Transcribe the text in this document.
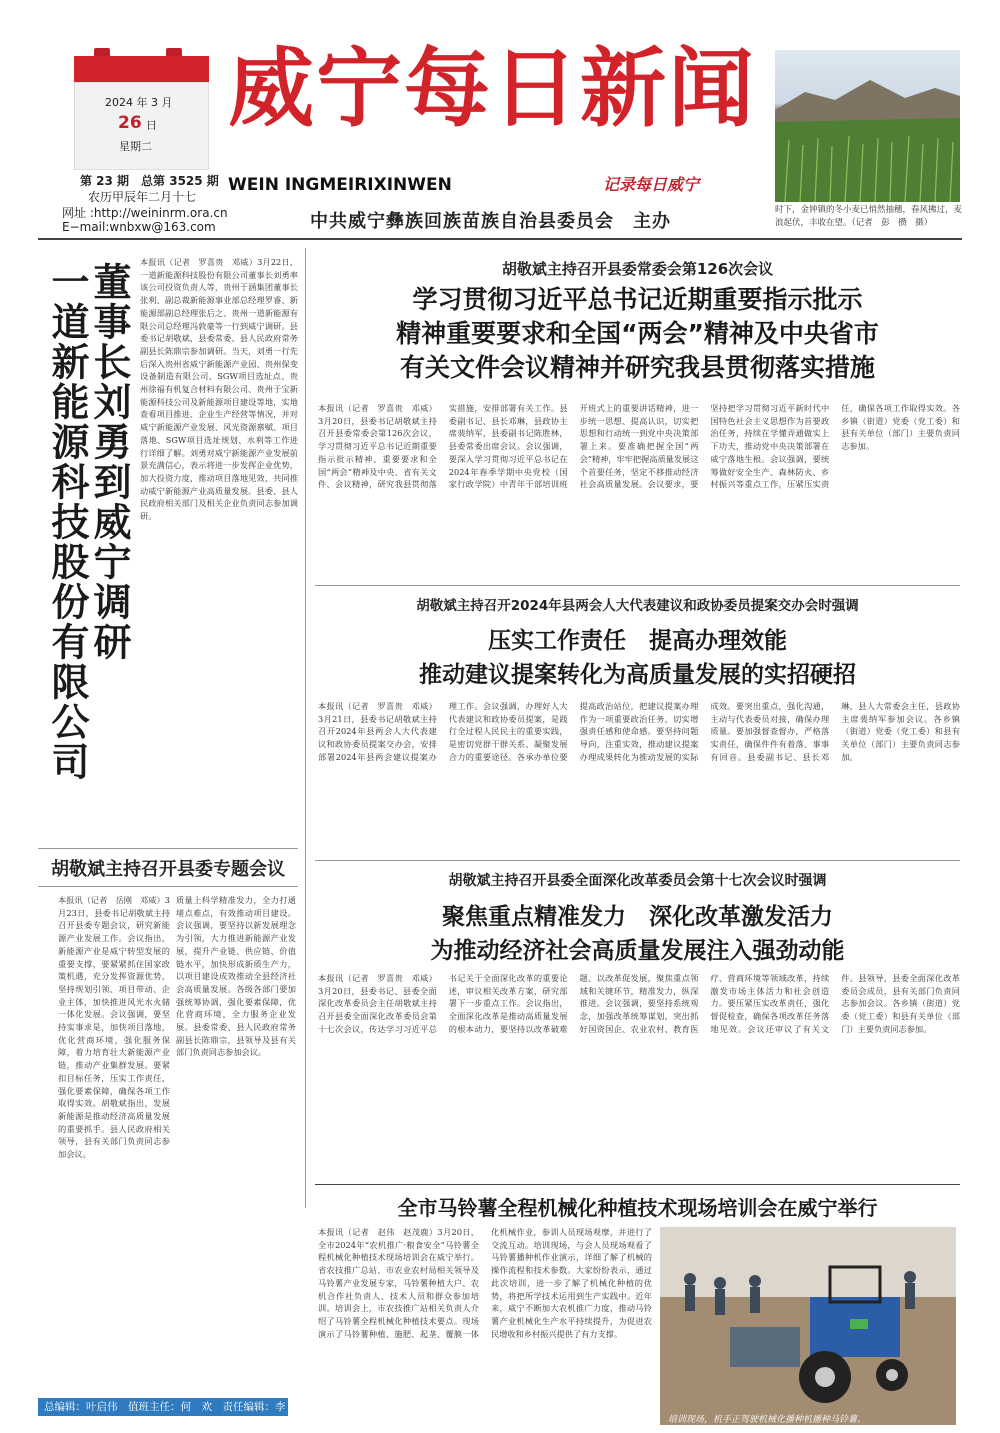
2024 年 3 月
26 日
星期二
第 23 期　总第 3525 期
农历甲辰年二月十七
网址 :http://weininrm.ora.cn
E−mail:wnbxw@163.com
威宁每日新闻
WEIN INGMEIRIXINWEN	记录每日威宁
中共威宁彝族回族苗族自治县委员会　主办
时下，金钟镇的冬小麦已悄然抽穗，春风拂过，麦浪起伏，丰收在望。（记者　彭　攒　摄）
一道新能源科技股份有限公司
董事长刘勇到威宁调研	本报讯（记者　罗喜贵　邓威）3月22日，一道新能源科技股份有限公司董事长刘勇率该公司投资负责人等，贵州于涵集团董事长张利、副总裁新能源事业部总经理罗睿、新能源部副总经理张后之、贵州一道新能源有限公司总经理冯敦豪等一行到威宁调研。县委书记胡敬斌，县委常委、县人民政府常务副县长陈鼎宗参加调研。当天，刘勇一行先后深入贵州省威宁新能源产业园、贵州保变设备制造有限公司、SGW项目选址点、贵州徐福有机复合材料有限公司、贵州于宝新能源科技公司及新能源项目建设等地，实地查看项目推进、企业生产经营等情况，并对威宁新能源产业发展、风光资源禀赋、项目落地、SGW项目选址规划、水利等工作进行详细了解。刘勇对威宁新能源产业发展前景充满信心，表示将进一步发挥企业优势，加大投资力度，推动项目落地见效，共同推动威宁新能源产业高质量发展。县委、县人民政府相关部门及相关企业负责同志参加调研。
胡敬斌主持召开县委专题会议
本报讯（记者　岳刚　邓威）3月23日，县委书记胡敬斌主持召开县委专题会议，研究新能源产业发展工作。会议指出，新能源产业是威宁转型发展的重要支撑，要紧紧抓住国家政策机遇，充分发挥资源优势，坚持规划引领、项目带动、企业主体，加快推进风光水火储一体化发展。会议强调，要坚持实事求是，加快项目落地，优化营商环境，强化服务保障，着力培育壮大新能源产业链，推动产业集群发展。要紧扣目标任务，压实工作责任，强化要素保障，确保各项工作取得实效。胡敬斌指出，发展新能源是推动经济高质量发展的重要抓手。县人民政府相关领导，县有关部门负责同志参加会议。
质量上科学精准发力，全力打通堵点难点，有效推动项目建设。会议强调，要坚持以新发展理念为引领，大力推进新能源产业发展，提升产业链、供应链、价值链水平，加快形成新质生产力，以项目建设成效推动全县经济社会高质量发展。各级各部门要加强统筹协调，强化要素保障，优化营商环境，全力服务企业发展。县委常委、县人民政府常务副县长陈鼎宗，县领导及县有关部门负责同志参加会议。
总编辑：叶启伟　值班主任：何　欢　责任编辑：李玉荣
胡敬斌主持召开县委常委会第126次会议
学习贯彻习近平总书记近期重要指示批示
精神重要要求和全国“两会”精神及中央省市
有关文件会议精神并研究我县贯彻落实措施
本报讯（记者　罗喜贵　邓威）3月20日，县委书记胡敬斌主持召开县委常委会第126次会议，学习贯彻习近平总书记近期重要指示批示精神、重要要求和全国“两会”精神及中央、省有关文件、会议精神，研究我县贯彻落实措施，安排部署有关工作。县委副书记、县长邓琳，县政协主席裴纳军，县委副书记陈胜林，县委常委出席会议。会议强调，要深入学习贯彻习近平总书记在2024年春季学期中央党校（国家行政学院）中青年干部培训班开班式上的重要讲话精神，进一步统一思想、提高认识，切实把思想和行动统一到党中央决策部署上来。要准确把握全国“两会”精神，牢牢把握高质量发展这个首要任务，坚定不移推动经济社会高质量发展。会议要求，要坚持把学习贯彻习近平新时代中国特色社会主义思想作为首要政治任务，持续在学懂弄通做实上下功夫，推动党中央决策部署在威宁落地生根。会议强调，要统筹做好安全生产、森林防火、乡村振兴等重点工作，压紧压实责任，确保各项工作取得实效。各乡镇（街道）党委（党工委）和县有关单位（部门）主要负责同志参加。
胡敬斌主持召开2024年县两会人大代表建议和政协委员提案交办会时强调
压实工作责任　提高办理效能
推动建议提案转化为高质量发展的实招硬招
本报讯（记者　罗喜贵　邓威）3月21日，县委书记胡敬斌主持召开2024年县两会人大代表建议和政协委员提案交办会，安排部署2024年县两会建议提案办理工作。会议强调，办理好人大代表建议和政协委员提案，是践行全过程人民民主的重要实践，是密切党群干群关系、凝聚发展合力的重要途径。各承办单位要提高政治站位，把建议提案办理作为一项重要政治任务，切实增强责任感和使命感。要坚持问题导向，注重实效，推动建议提案办理成果转化为推动发展的实际成效。要突出重点，强化沟通，主动与代表委员对接，确保办理质量。要加强督查督办，严格落实责任，确保件件有着落、事事有回音。县委副书记、县长邓琳，县人大常委会主任，县政协主席裴纳军参加会议。各乡镇（街道）党委（党工委）和县有关单位（部门）主要负责同志参加。
胡敬斌主持召开县委全面深化改革委员会第十七次会议时强调
聚焦重点精准发力　深化改革激发活力
为推动经济社会高质量发展注入强劲动能
本报讯（记者　罗喜贵　邓威）3月20日，县委书记、县委全面深化改革委员会主任胡敬斌主持召开县委全面深化改革委员会第十七次会议，传达学习习近平总书记关于全面深化改革的重要论述，审议相关改革方案，研究部署下一步重点工作。会议指出，全面深化改革是推动高质量发展的根本动力，要坚持以改革破难题、以改革促发展，聚焦重点领域和关键环节，精准发力，纵深推进。会议强调，要坚持系统观念，加强改革统筹谋划，突出抓好国资国企、农业农村、教育医疗、营商环境等领域改革，持续激发市场主体活力和社会创造力。要压紧压实改革责任，强化督促检查，确保各项改革任务落地见效。会议还审议了有关文件。县领导，县委全面深化改革委员会成员，县有关部门负责同志参加会议。各乡镇（街道）党委（党工委）和县有关单位（部门）主要负责同志参加。
全市马铃薯全程机械化种植技术现场培训会在威宁举行
本报讯（记者　赵伟　赵茂鹿）3月20日，全市2024年“农机推广·粮食安全”马铃薯全程机械化种植技术现场培训会在威宁举行。省农技推广总站、市农业农村局相关领导及马铃薯产业发展专家，马铃薯种植大户、农机合作社负责人、技术人员和群众参加培训。培训会上，市农技推广站相关负责人介绍了马铃薯全程机械化种植技术要点。现场演示了马铃薯种植、施肥、起垄、覆膜一体化机械作业，参训人员现场观摩，并进行了交流互动。培训现场，与会人员现场观看了马铃薯播种机作业演示，详细了解了机械的操作流程和技术参数。大家纷纷表示，通过此次培训，进一步了解了机械化种植的优势，将把所学技术运用到生产实践中。近年来，威宁不断加大农机推广力度，推动马铃薯产业机械化生产水平持续提升，为促进农民增收和乡村振兴提供了有力支撑。
培训现场，机手正驾驶机械化播种机播种马铃薯。
